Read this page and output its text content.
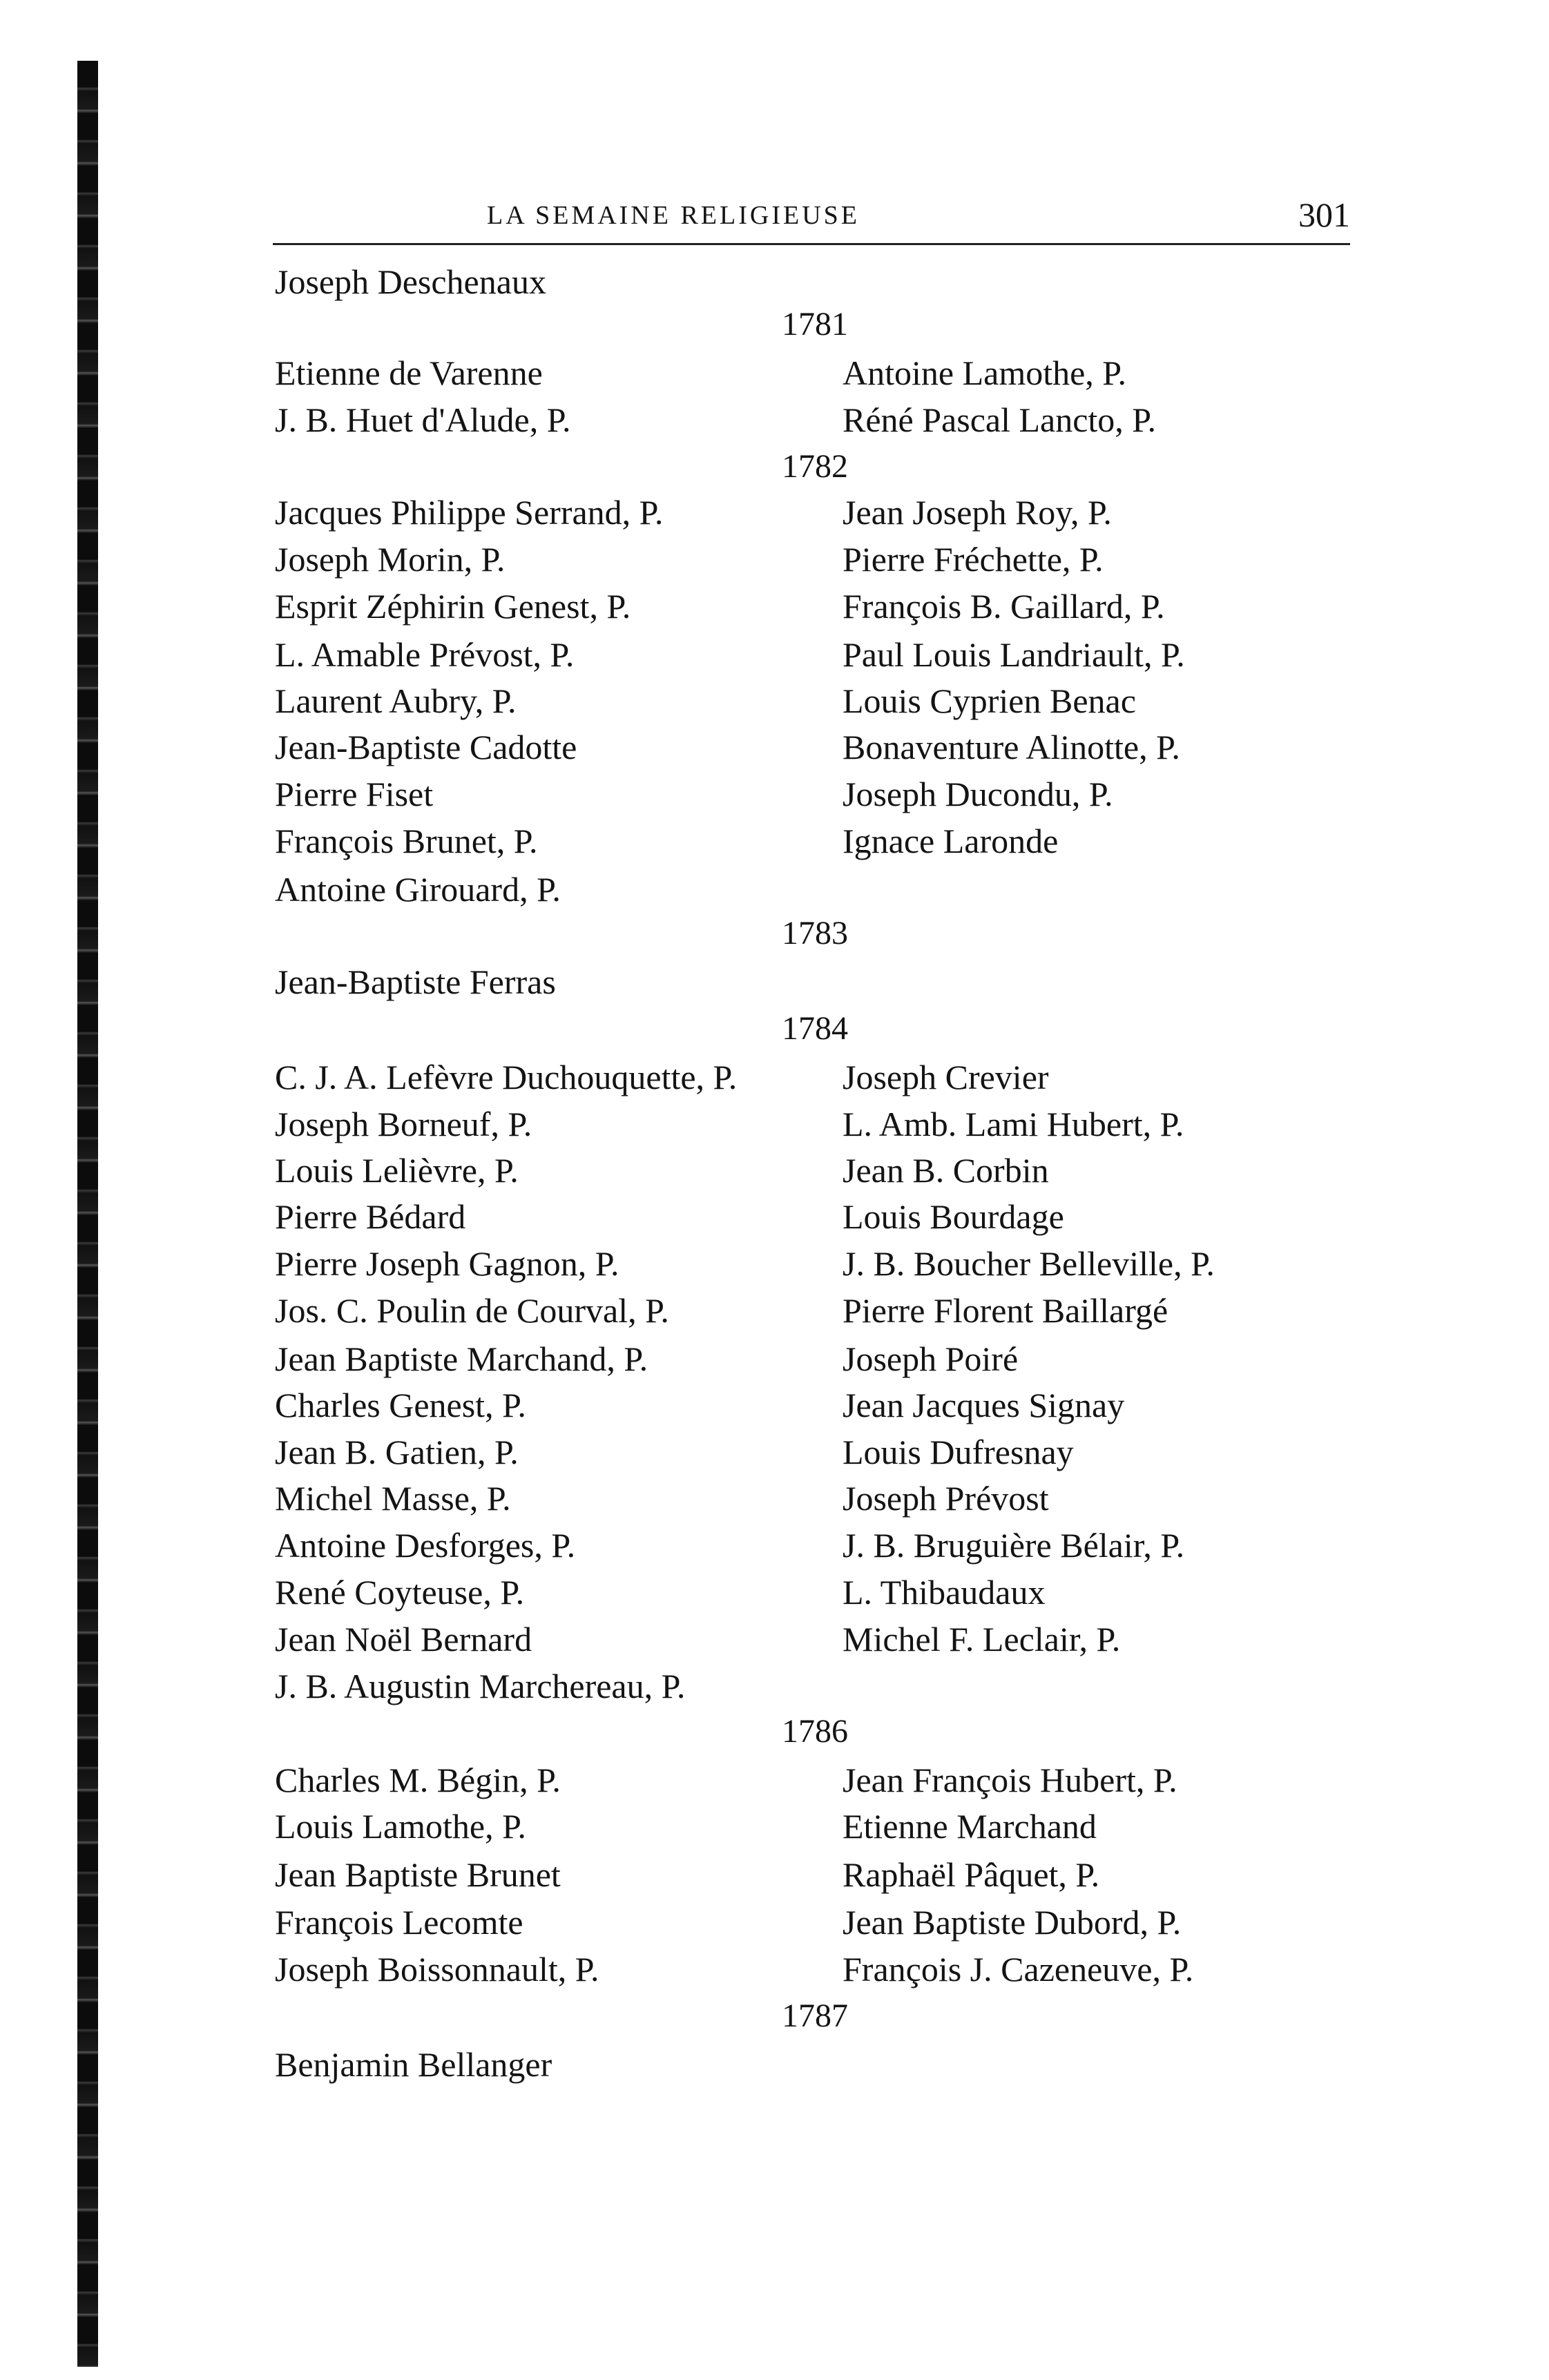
LA SEMAINE RELIGIEUSE	301
Joseph Deschenaux
1781
Etienne de Varenne	Antoine Lamothe, P.
J. B. Huet d'Alude, P.	Réné Pascal Lancto, P.
1782
Jacques Philippe Serrand, P.	Jean Joseph Roy, P.
Joseph Morin, P.	Pierre Fréchette, P.
Esprit Zéphirin Genest, P.	François B. Gaillard, P.
L. Amable Prévost, P.	Paul Louis Landriault, P.
Laurent Aubry, P.	Louis Cyprien Benac
Jean-Baptiste Cadotte	Bonaventure Alinotte, P.
Pierre Fiset	Joseph Ducondu, P.
François Brunet, P.	Ignace Laronde
Antoine Girouard, P.
1783
Jean-Baptiste Ferras
1784
C. J. A. Lefèvre Duchouquette, P.	Joseph Crevier
Joseph Borneuf, P.	L. Amb. Lami Hubert, P.
Louis Lelièvre, P.	Jean B. Corbin
Pierre Bédard	Louis Bourdage
Pierre Joseph Gagnon, P.	J. B. Boucher Belleville, P.
Jos. C. Poulin de Courval, P.	Pierre Florent Baillargé
Jean Baptiste Marchand, P.	Joseph Poiré
Charles Genest, P.	Jean Jacques Signay
Jean B. Gatien, P.	Louis Dufresnay
Michel Masse, P.	Joseph Prévost
Antoine Desforges, P.	J. B. Bruguière Bélair, P.
René Coyteuse, P.	L. Thibaudaux
Jean Noël Bernard	Michel F. Leclair, P.
J. B. Augustin Marchereau, P.
1786
Charles M. Bégin, P.	Jean François Hubert, P.
Louis Lamothe, P.	Etienne Marchand
Jean Baptiste Brunet	Raphaël Pâquet, P.
François Lecomte	Jean Baptiste Dubord, P.
Joseph Boissonnault, P.	François J. Cazeneuve, P.
1787
Benjamin Bellanger
